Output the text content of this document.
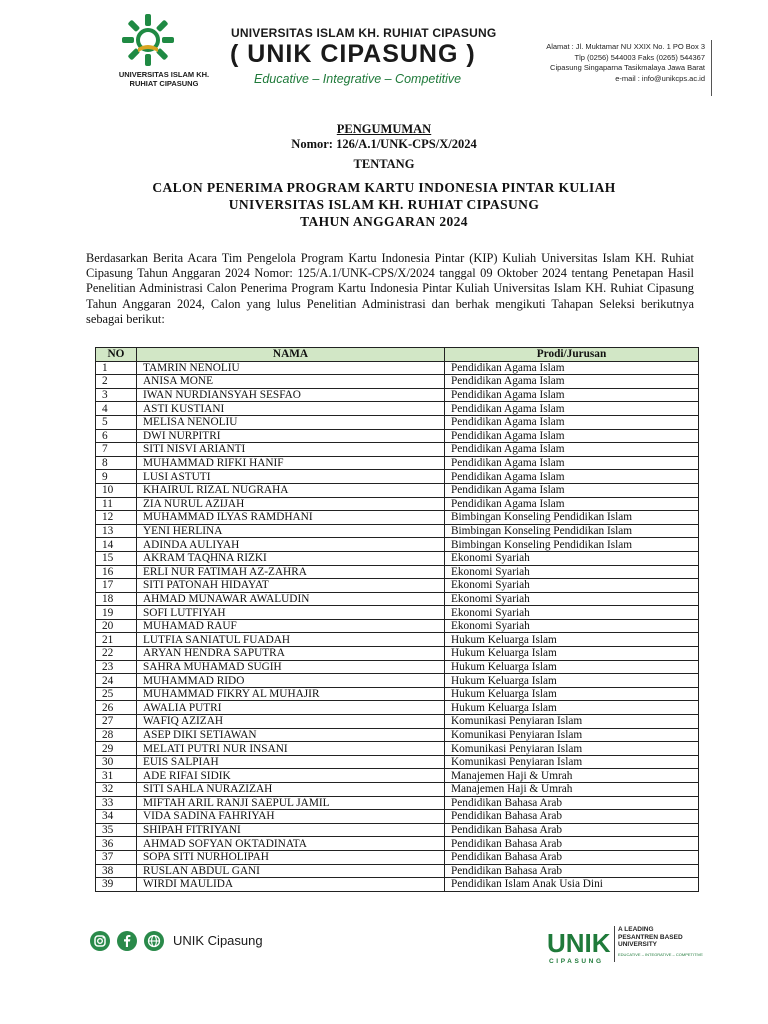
UNIVERSITAS ISLAM KH. RUHIAT CIPASUNG
UNIVERSITAS ISLAM KH. RUHIAT CIPASUNG
( UNIK CIPASUNG )
Educative – Integrative – Competitive
Alamat : Jl. Muktamar NU XXIX No. 1 PO Box 3
Tlp (0256) 544003 Faks (0265) 544367
Cipasung Singaparna Tasikmalaya Jawa Barat
e-mail : info@unikcps.ac.id
PENGUMUMAN
Nomor: 126/A.1/UNK-CPS/X/2024
TENTANG
CALON PENERIMA PROGRAM KARTU INDONESIA PINTAR KULIAH
UNIVERSITAS ISLAM KH. RUHIAT CIPASUNG
TAHUN ANGGARAN 2024
Berdasarkan Berita Acara Tim Pengelola Program Kartu Indonesia Pintar (KIP) Kuliah Universitas Islam KH. Ruhiat Cipasung Tahun Anggaran 2024 Nomor: 125/A.1/UNK-CPS/X/2024 tanggal 09 Oktober 2024 tentang Penetapan Hasil Penelitian Administrasi Calon Penerima Program Kartu Indonesia Pintar Kuliah Universitas Islam KH. Ruhiat Cipasung Tahun Anggaran 2024, Calon yang lulus Penelitian Administrasi dan berhak mengikuti Tahapan Seleksi berikutnya sebagai berikut:
NO	NAMA	Prodi/Jurusan
1	TAMRIN NENOLIU	Pendidikan Agama Islam
2	ANISA MONE	Pendidikan Agama Islam
3	IWAN NURDIANSYAH SESFAO	Pendidikan Agama Islam
4	ASTI KUSTIANI	Pendidikan Agama Islam
5	MELISA NENOLIU	Pendidikan Agama Islam
6	DWI NURPITRI	Pendidikan Agama Islam
7	SITI NISVI ARIANTI	Pendidikan Agama Islam
8	MUHAMMAD RIFKI HANIF	Pendidikan Agama Islam
9	LUSI ASTUTI	Pendidikan Agama Islam
10	KHAIRUL RIZAL NUGRAHA	Pendidikan Agama Islam
11	ZIA NURUL AZIJAH	Pendidikan Agama Islam
12	MUHAMMAD ILYAS RAMDHANI	Bimbingan Konseling Pendidikan Islam
13	YENI HERLINA	Bimbingan Konseling Pendidikan Islam
14	ADINDA AULIYAH	Bimbingan Konseling Pendidikan Islam
15	AKRAM TAQHNA RIZKI	Ekonomi Syariah
16	ERLI NUR FATIMAH AZ-ZAHRA	Ekonomi Syariah
17	SITI PATONAH HIDAYAT	Ekonomi Syariah
18	AHMAD MUNAWAR AWALUDIN	Ekonomi Syariah
19	SOFI LUTFIYAH	Ekonomi Syariah
20	MUHAMAD RAUF	Ekonomi Syariah
21	LUTFIA SANIATUL FUADAH	Hukum Keluarga Islam
22	ARYAN HENDRA SAPUTRA	Hukum Keluarga Islam
23	SAHRA MUHAMAD SUGIH	Hukum Keluarga Islam
24	MUHAMMAD RIDO	Hukum Keluarga Islam
25	MUHAMMAD FIKRY AL MUHAJIR	Hukum Keluarga Islam
26	AWALIA PUTRI	Hukum Keluarga Islam
27	WAFIQ AZIZAH	Komunikasi Penyiaran Islam
28	ASEP DIKI SETIAWAN	Komunikasi Penyiaran Islam
29	MELATI PUTRI NUR INSANI	Komunikasi Penyiaran Islam
30	EUIS SALPIAH	Komunikasi Penyiaran Islam
31	ADE RIFAI SIDIK	Manajemen Haji & Umrah
32	SITI SAHLA NURAZIZAH	Manajemen Haji & Umrah
33	MIFTAH ARIL RANJI SAEPUL JAMIL	Pendidikan Bahasa Arab
34	VIDA SADINA FAHRIYAH	Pendidikan Bahasa Arab
35	SHIPAH FITRIYANI	Pendidikan Bahasa Arab
36	AHMAD SOFYAN OKTADINATA	Pendidikan Bahasa Arab
37	SOPA SITI NURHOLIPAH	Pendidikan Bahasa Arab
38	RUSLAN ABDUL GANI	Pendidikan Bahasa Arab
39	WIRDI MAULIDA	Pendidikan Islam Anak Usia Dini
UNIK Cipasung	UNIK
CIPASUNG
A LEADING
PESANTREN BASED
UNIVERSITY
EDUCATIVE – INTEGRATIVE – COMPETITIVE
